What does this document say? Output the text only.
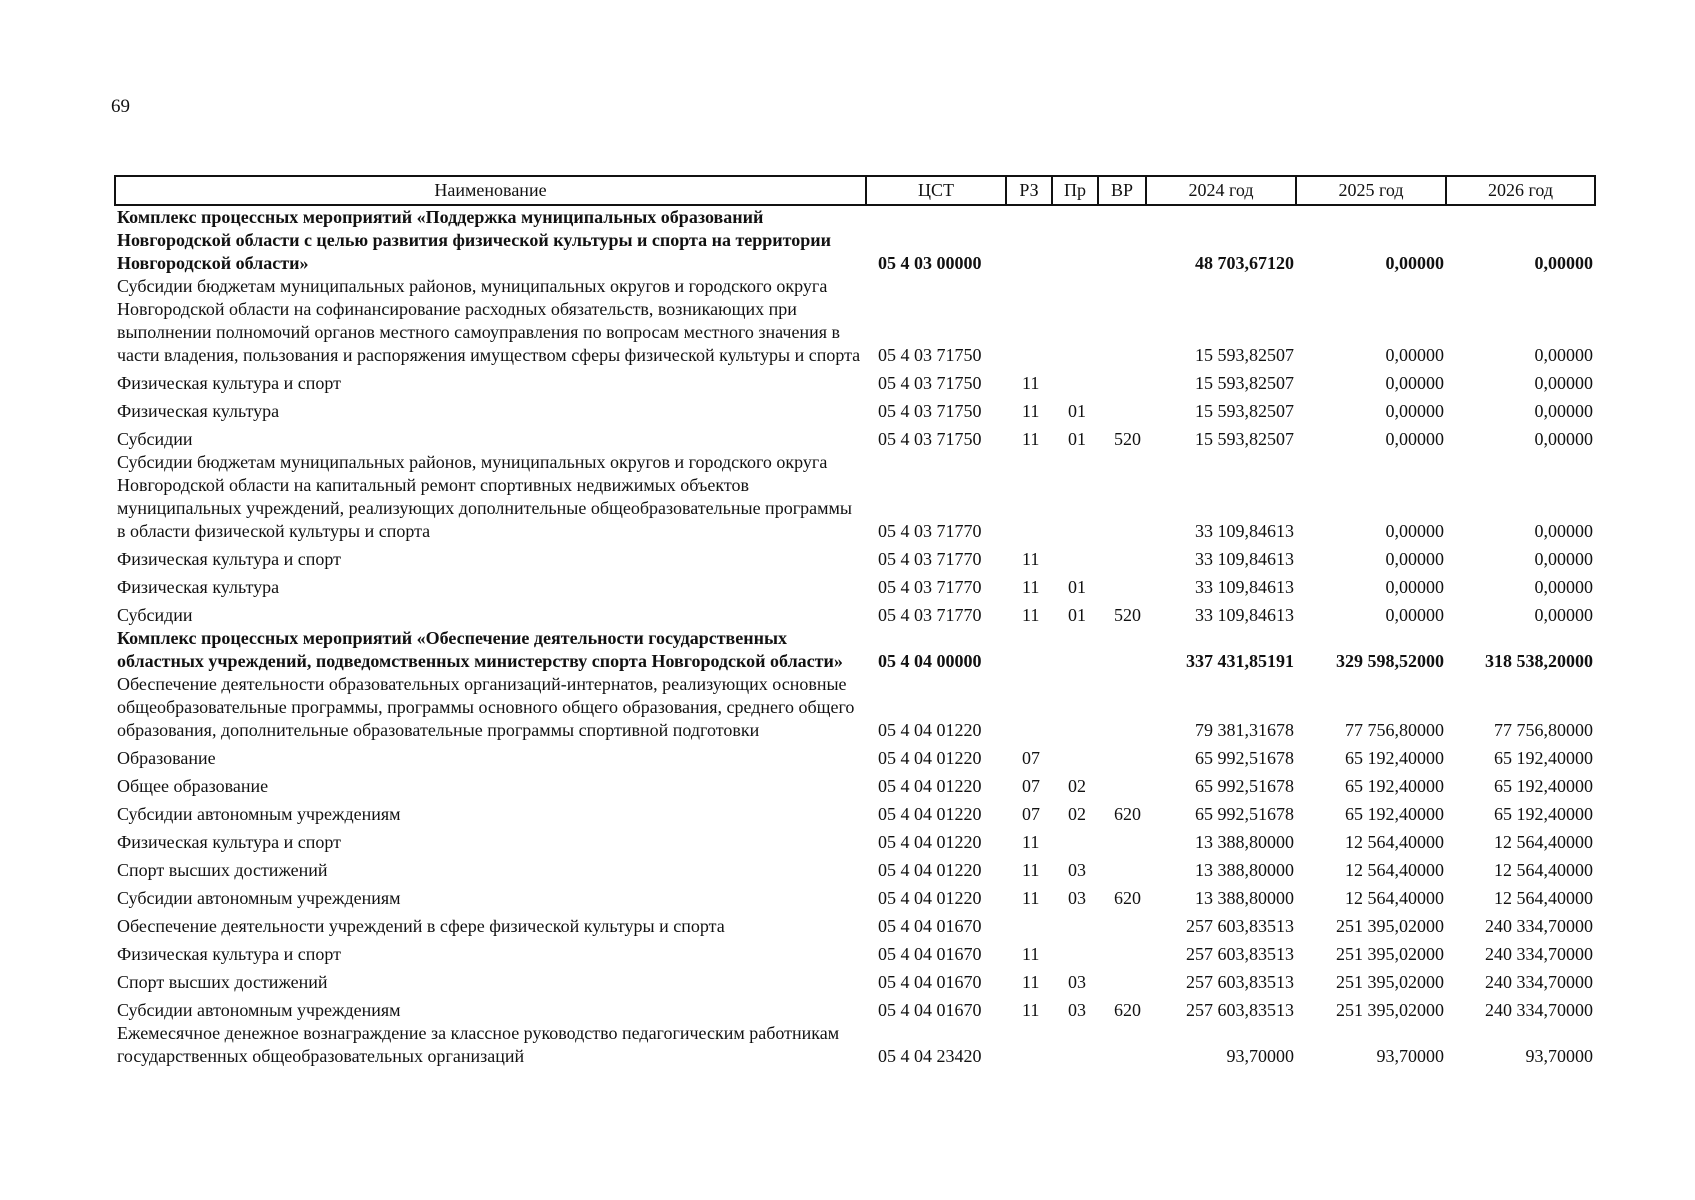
69
Наименование	ЦСТ	РЗ	Пр	ВР	2024 год	2025 год	2026 год
Комплекс процессных мероприятий «Поддержка муниципальных образований Новгородской области с целью развития физической культуры и спорта на территории Новгородской области»	05 4 03 00000				48 703,67120	0,00000	0,00000
Субсидии бюджетам муниципальных районов, муниципальных округов и городского округа Новгородской области на софинансирование расходных обязательств, возникающих при выполнении полномочий органов местного самоуправления по вопросам местного значения в части владения, пользования и распоряжения имуществом сферы физической культуры и спорта	05 4 03 71750				15 593,82507	0,00000	0,00000
Физическая культура и спорт	05 4 03 71750	11			15 593,82507	0,00000	0,00000
Физическая культура	05 4 03 71750	11	01		15 593,82507	0,00000	0,00000
Субсидии	05 4 03 71750	11	01	520	15 593,82507	0,00000	0,00000
Субсидии бюджетам муниципальных районов, муниципальных округов и городского округа Новгородской области на капитальный ремонт спортивных недвижимых объектов муниципальных учреждений, реализующих дополнительные общеобразовательные программы в области физической культуры и спорта	05 4 03 71770				33 109,84613	0,00000	0,00000
Физическая культура и спорт	05 4 03 71770	11			33 109,84613	0,00000	0,00000
Физическая культура	05 4 03 71770	11	01		33 109,84613	0,00000	0,00000
Субсидии	05 4 03 71770	11	01	520	33 109,84613	0,00000	0,00000
Комплекс процессных мероприятий «Обеспечение деятельности государственных областных учреждений, подведомственных министерству спорта Новгородской области»	05 4 04 00000				337 431,85191	329 598,52000	318 538,20000
Обеспечение деятельности образовательных организаций-интернатов, реализующих основные общеобразовательные программы, программы основного общего образования, среднего общего образования, дополнительные образовательные программы спортивной подготовки	05 4 04 01220				79 381,31678	77 756,80000	77 756,80000
Образование	05 4 04 01220	07			65 992,51678	65 192,40000	65 192,40000
Общее образование	05 4 04 01220	07	02		65 992,51678	65 192,40000	65 192,40000
Субсидии автономным учреждениям	05 4 04 01220	07	02	620	65 992,51678	65 192,40000	65 192,40000
Физическая культура и спорт	05 4 04 01220	11			13 388,80000	12 564,40000	12 564,40000
Спорт высших достижений	05 4 04 01220	11	03		13 388,80000	12 564,40000	12 564,40000
Субсидии автономным учреждениям	05 4 04 01220	11	03	620	13 388,80000	12 564,40000	12 564,40000
Обеспечение деятельности учреждений в сфере физической культуры и спорта	05 4 04 01670				257 603,83513	251 395,02000	240 334,70000
Физическая культура и спорт	05 4 04 01670	11			257 603,83513	251 395,02000	240 334,70000
Спорт высших достижений	05 4 04 01670	11	03		257 603,83513	251 395,02000	240 334,70000
Субсидии автономным учреждениям	05 4 04 01670	11	03	620	257 603,83513	251 395,02000	240 334,70000
Ежемесячное денежное вознаграждение за классное руководство педагогическим работникам государственных общеобразовательных организаций	05 4 04 23420				93,70000	93,70000	93,70000
